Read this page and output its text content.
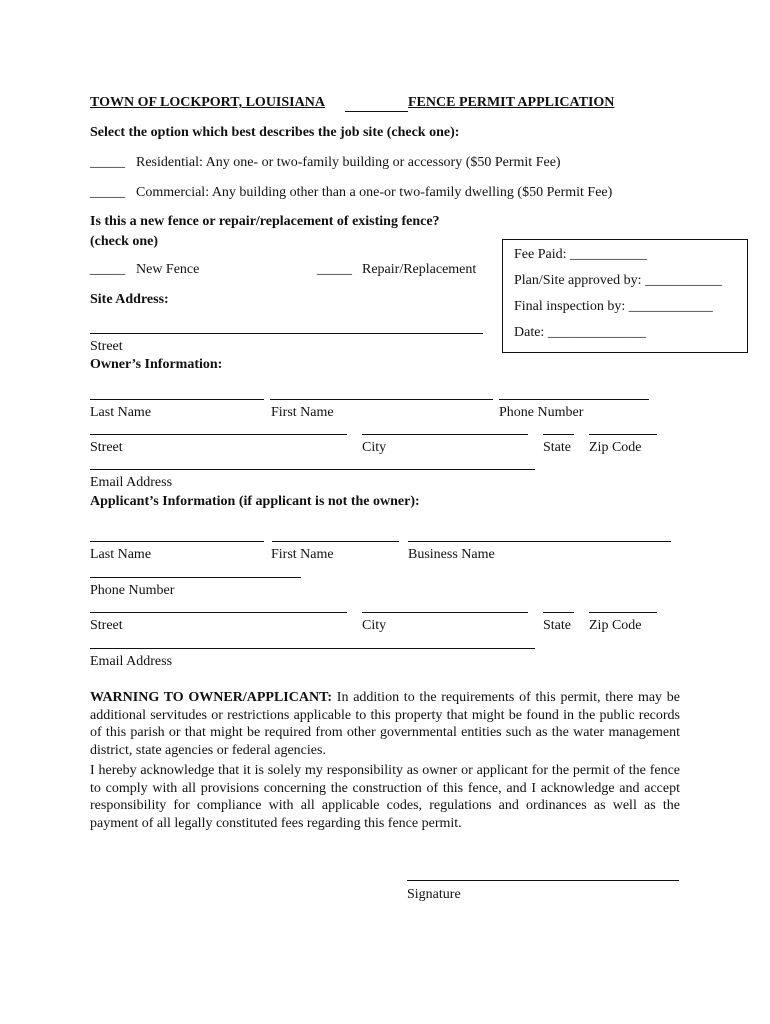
TOWN OF LOCKPORT, LOUISIANA	FENCE PERMIT APPLICATION
Select the option which best describes the job site (check one):
_____ Residential: Any one- or two-family building or accessory ($50 Permit Fee)
_____ Commercial: Any building other than a one-or two-family dwelling ($50 Permit Fee)
Is this a new fence or repair/replacement of existing fence?
(check one)
_____ New Fence	_____ Repair/Replacement
Fee Paid: ___________
Plan/Site approved by: ___________
Final inspection by: ____________
Date: ______________
Site Address:
Street
Owner’s Information:
Last Name	First Name	Phone Number
Street	City	State Zip Code
Email Address
Applicant’s Information (if applicant is not the owner):
Last Name	First Name	Business Name
Phone Number
Street	City	State Zip Code
Email Address
WARNING TO OWNER/APPLICANT: In addition to the requirements of this permit, there may be additional servitudes or restrictions applicable to this property that might be found in the public records of this parish or that might be required from other governmental entities such as the water management district, state agencies or federal agencies.
I hereby acknowledge that it is solely my responsibility as owner or applicant for the permit of the fence to comply with all provisions concerning the construction of this fence, and I acknowledge and accept responsibility for compliance with all applicable codes, regulations and ordinances as well as the payment of all legally constituted fees regarding this fence permit.
Signature
